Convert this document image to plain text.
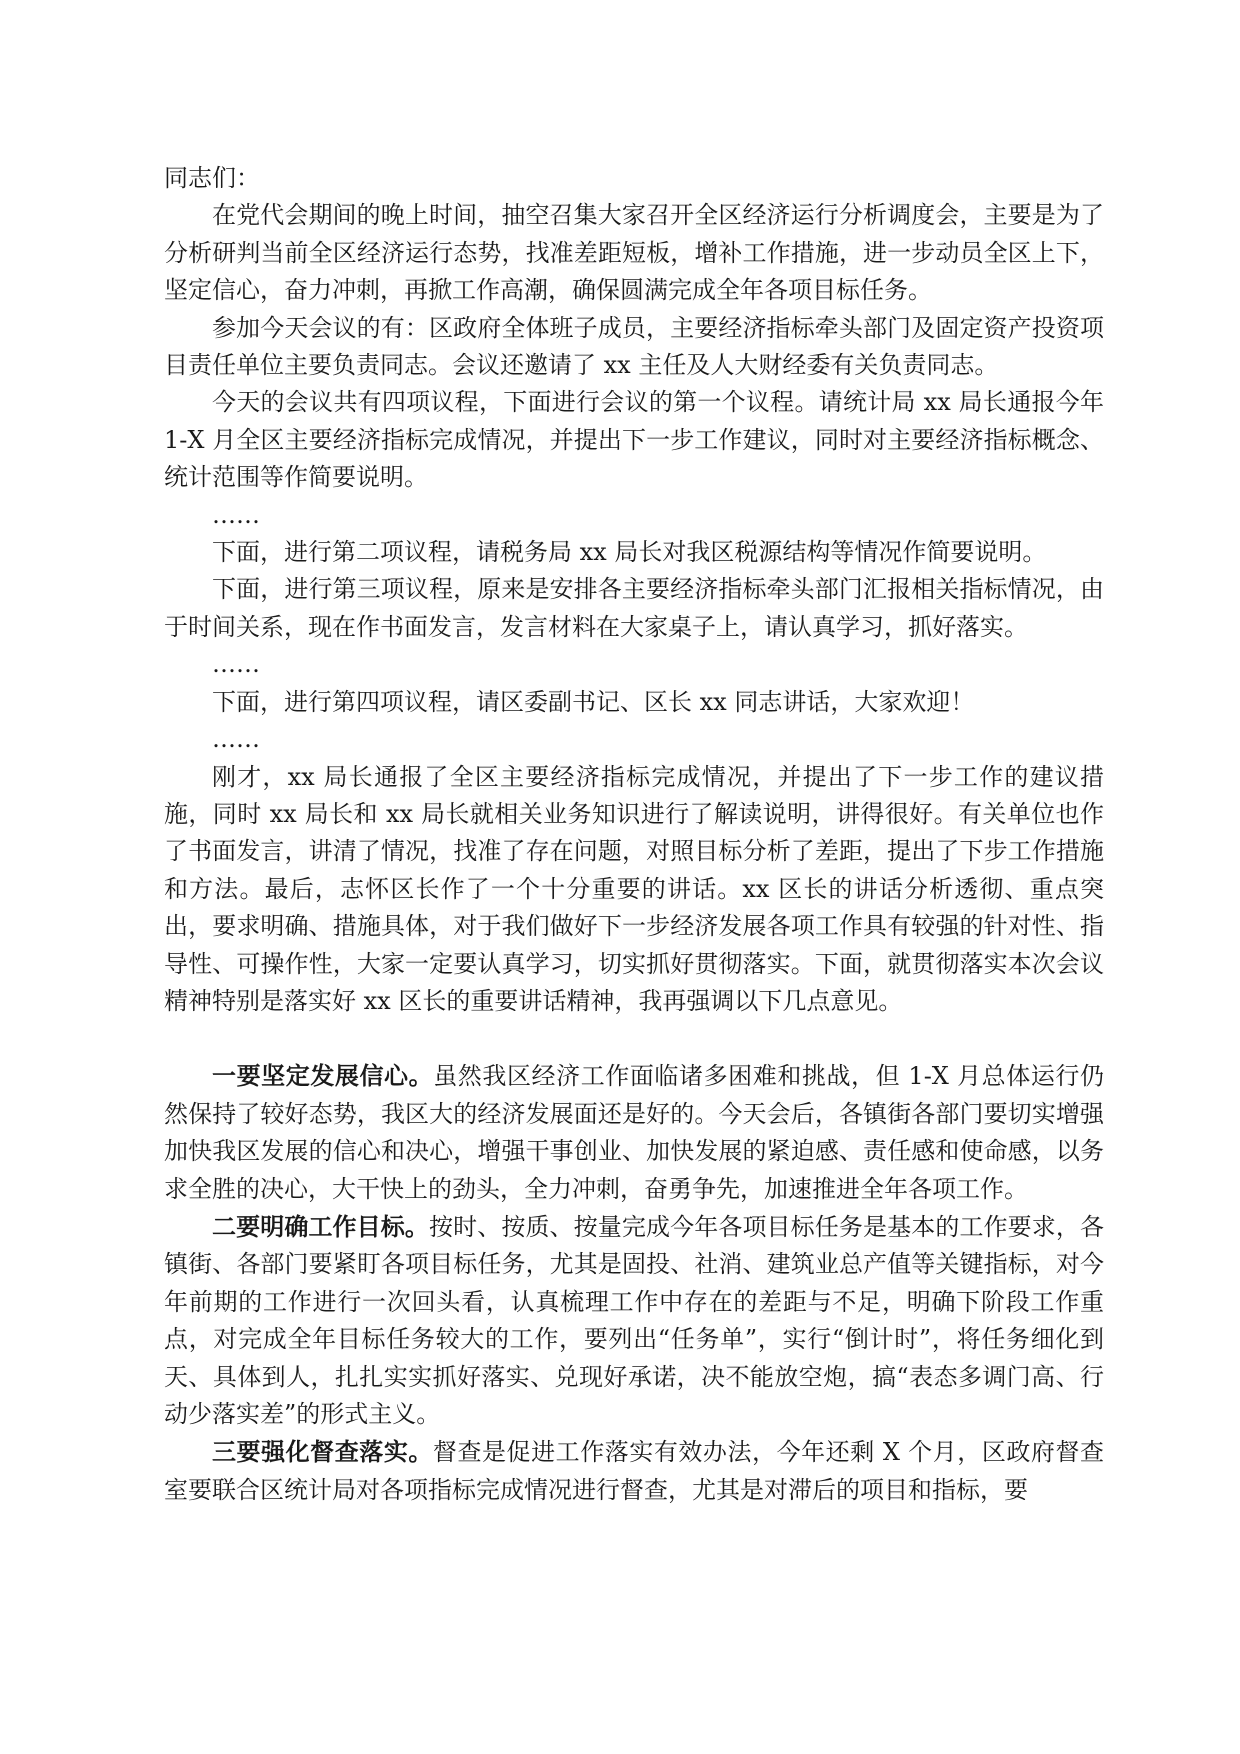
同志们：

在党代会期间的晚上时间，抽空召集大家召开全区经济运行分析调度会，主要是为了分析研判当前全区经济运行态势，找准差距短板，增补工作措施，进一步动员全区上下，坚定信心，奋力冲刺，再掀工作高潮，确保圆满完成全年各项目标任务。

参加今天会议的有：区政府全体班子成员，主要经济指标牵头部门及固定资产投资项目责任单位主要负责同志。会议还邀请了 xx 主任及人大财经委有关负责同志。

今天的会议共有四项议程，下面进行会议的第一个议程。请统计局 xx 局长通报今年 1-X 月全区主要经济指标完成情况，并提出下一步工作建议，同时对主要经济指标概念、统计范围等作简要说明。

……

下面，进行第二项议程，请税务局 xx 局长对我区税源结构等情况作简要说明。

下面，进行第三项议程，原来是安排各主要经济指标牵头部门汇报相关指标情况，由于时间关系，现在作书面发言，发言材料在大家桌子上，请认真学习，抓好落实。

……

下面，进行第四项议程，请区委副书记、区长 xx 同志讲话，大家欢迎！

……

刚才，xx 局长通报了全区主要经济指标完成情况，并提出了下一步工作的建议措施，同时 xx 局长和 xx 局长就相关业务知识进行了解读说明，讲得很好。有关单位也作了书面发言，讲清了情况，找准了存在问题，对照目标分析了差距，提出了下步工作措施和方法。最后，志怀区长作了一个十分重要的讲话。xx 区长的讲话分析透彻、重点突出，要求明确、措施具体，对于我们做好下一步经济发展各项工作具有较强的针对性、指导性、可操作性，大家一定要认真学习，切实抓好贯彻落实。下面，就贯彻落实本次会议精神特别是落实好 xx 区长的重要讲话精神，我再强调以下几点意见。

一要坚定发展信心。虽然我区经济工作面临诸多困难和挑战，但 1-X 月总体运行仍然保持了较好态势，我区大的经济发展面还是好的。今天会后，各镇街各部门要切实增强加快我区发展的信心和决心，增强干事创业、加快发展的紧迫感、责任感和使命感，以务求全胜的决心，大干快上的劲头，全力冲刺，奋勇争先，加速推进全年各项工作。

二要明确工作目标。按时、按质、按量完成今年各项目标任务是基本的工作要求，各镇街、各部门要紧盯各项目标任务，尤其是固投、社消、建筑业总产值等关键指标，对今年前期的工作进行一次回头看，认真梳理工作中存在的差距与不足，明确下阶段工作重点，对完成全年目标任务较大的工作，要列出“任务单”，实行“倒计时”，将任务细化到天、具体到人，扎扎实实抓好落实、兑现好承诺，决不能放空炮，搞“表态多调门高、行动少落实差”的形式主义。

三要强化督查落实。督查是促进工作落实有效办法，今年还剩 X 个月，区政府督查室要联合区统计局对各项指标完成情况进行督查，尤其是对滞后的项目和指标，要
